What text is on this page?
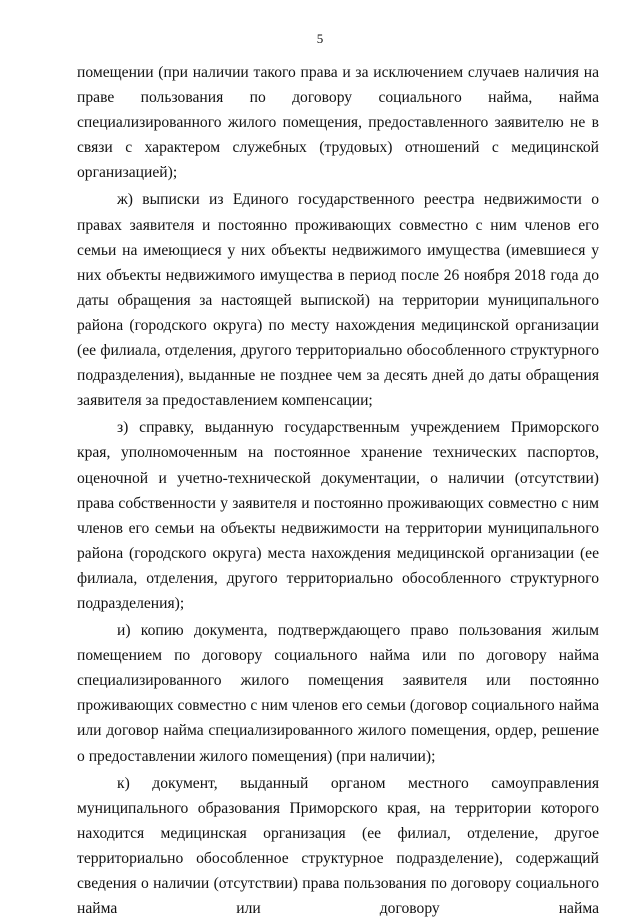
5

помещении (при наличии такого права и за исключением случаев наличия на праве пользования по договору социального найма, найма специализированного жилого помещения, предоставленного заявителю не в связи с характером служебных (трудовых) отношений с медицинской организацией);

ж) выписки из Единого государственного реестра недвижимости о правах заявителя и постоянно проживающих совместно с ним членов его семьи на имеющиеся у них объекты недвижимого имущества (имевшиеся у них объекты недвижимого имущества в период после 26 ноября 2018 года до даты обращения за настоящей выпиской) на территории муниципального района (городского округа) по месту нахождения медицинской организации (ее филиала, отделения, другого территориально обособленного структурного подразделения), выданные не позднее чем за десять дней до даты обращения заявителя за предоставлением компенсации;

з) справку, выданную государственным учреждением Приморского края, уполномоченным на постоянное хранение технических паспортов, оценочной и учетно-технической документации, о наличии (отсутствии) права собственности у заявителя и постоянно проживающих совместно с ним членов его семьи на объекты недвижимости на территории муниципального района (городского округа) места нахождения медицинской организации (ее филиала, отделения, другого территориально обособленного структурного подразделения);

и) копию документа, подтверждающего право пользования жилым помещением по договору социального найма или по договору найма специализированного жилого помещения заявителя или постоянно проживающих совместно с ним членов его семьи (договор социального найма или договор найма специализированного жилого помещения, ордер, решение о предоставлении жилого помещения) (при наличии);

к) документ, выданный органом местного самоуправления муниципального образования Приморского края, на территории которого находится медицинская организация (ее филиал, отделение, другое территориально обособленное структурное подразделение), содержащий сведения о наличии (отсутствии) права пользования по договору социального найма или договору найма
